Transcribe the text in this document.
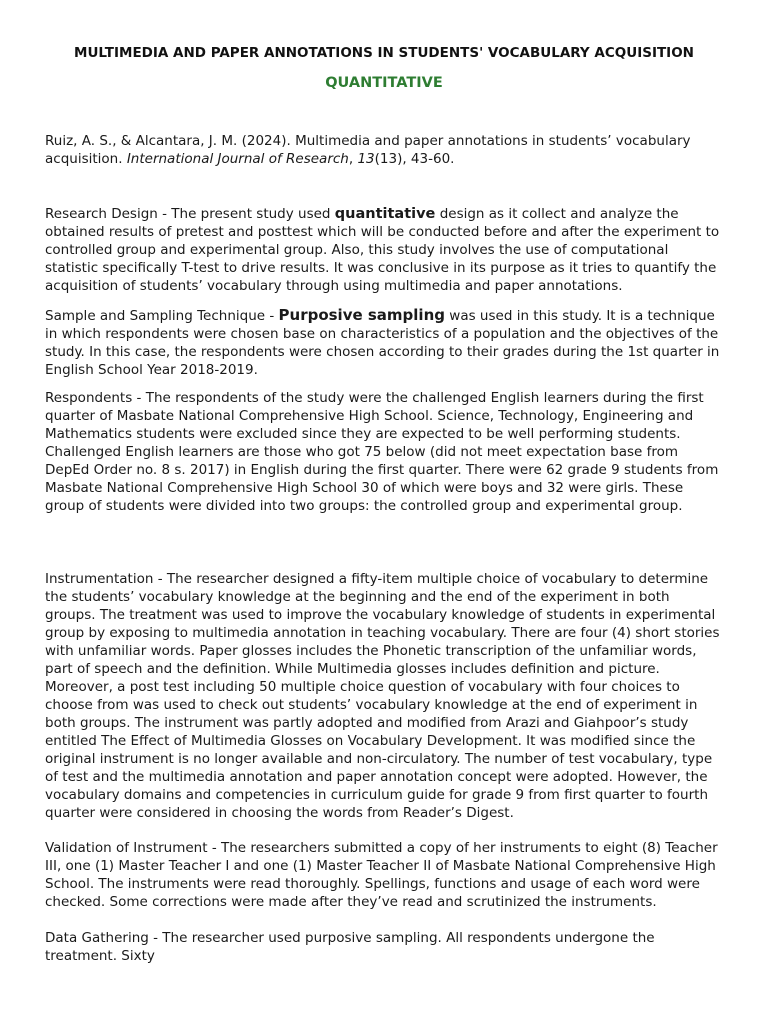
MULTIMEDIA AND PAPER ANNOTATIONS IN STUDENTS' VOCABULARY ACQUISITION
QUANTITATIVE

Ruiz, A. S., & Alcantara, J. M. (2024). Multimedia and paper annotations in students’ vocabulary acquisition. International Journal of Research, 13(13), 43-60.

Research Design - The present study used quantitative design as it collect and analyze the obtained results of pretest and posttest which will be conducted before and after the experiment to controlled group and experimental group. Also, this study involves the use of computational statistic specifically T-test to drive results. It was conclusive in its purpose as it tries to quantify the acquisition of students’ vocabulary through using multimedia and paper annotations.

Sample and Sampling Technique - Purposive sampling was used in this study. It is a technique in which respondents were chosen base on characteristics of a population and the objectives of the study. In this case, the respondents were chosen according to their grades during the 1st quarter in English School Year 2018-2019.

Respondents - The respondents of the study were the challenged English learners during the first quarter of Masbate National Comprehensive High School. Science, Technology, Engineering and Mathematics students were excluded since they are expected to be well performing students. Challenged English learners are those who got 75 below (did not meet expectation base from DepEd Order no. 8 s. 2017) in English during the first quarter. There were 62 grade 9 students from Masbate National Comprehensive High School 30 of which were boys and 32 were girls. These group of students were divided into two groups: the controlled group and experimental group.

Instrumentation - The researcher designed a fifty-item multiple choice of vocabulary to determine the students’ vocabulary knowledge at the beginning and the end of the experiment in both groups. The treatment was used to improve the vocabulary knowledge of students in experimental group by exposing to multimedia annotation in teaching vocabulary. There are four (4) short stories with unfamiliar words. Paper glosses includes the Phonetic transcription of the unfamiliar words, part of speech and the definition. While Multimedia glosses includes definition and picture. Moreover, a post test including 50 multiple choice question of vocabulary with four choices to choose from was used to check out students’ vocabulary knowledge at the end of experiment in both groups. The instrument was partly adopted and modified from Arazi and Giahpoor’s study entitled The Effect of Multimedia Glosses on Vocabulary Development. It was modified since the original instrument is no longer available and non-circulatory. The number of test vocabulary, type of test and the multimedia annotation and paper annotation concept were adopted. However, the vocabulary domains and competencies in curriculum guide for grade 9 from first quarter to fourth quarter were considered in choosing the words from Reader’s Digest.

Validation of Instrument - The researchers submitted a copy of her instruments to eight (8) Teacher III, one (1) Master Teacher I and one (1) Master Teacher II of Masbate National Comprehensive High School. The instruments were read thoroughly. Spellings, functions and usage of each word were checked. Some corrections were made after they’ve read and scrutinized the instruments.

Data Gathering - The researcher used purposive sampling. All respondents undergone the treatment. Sixty
